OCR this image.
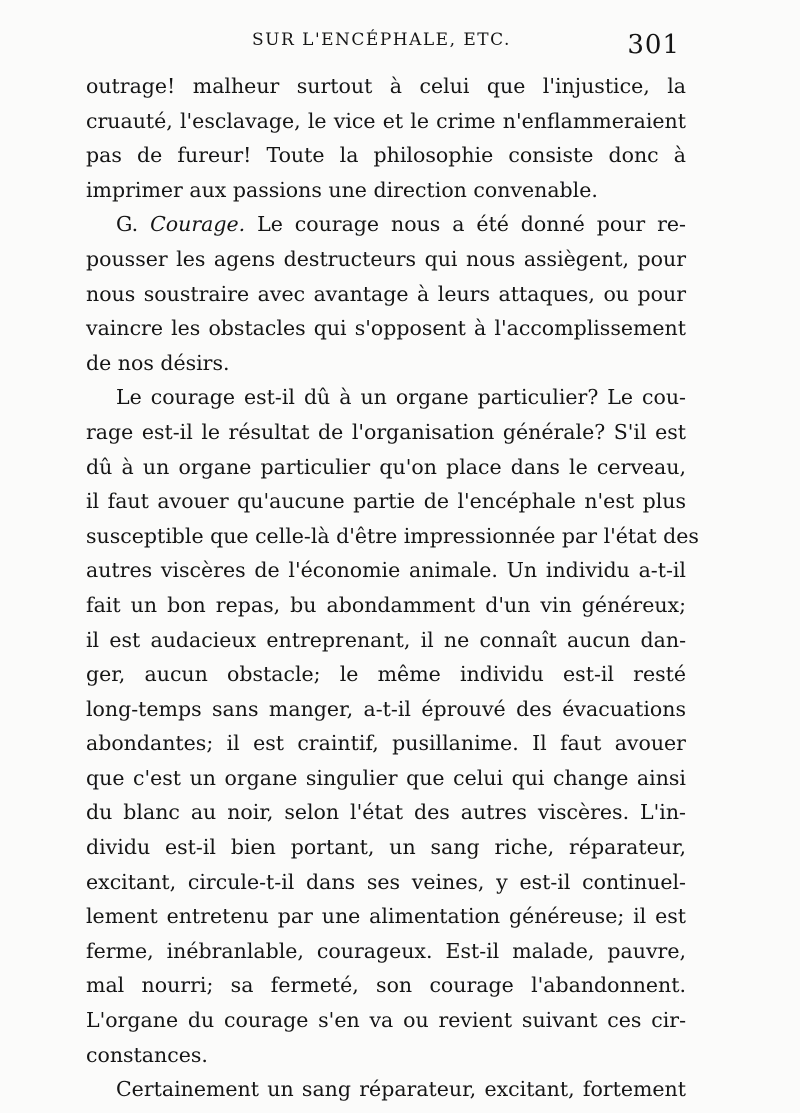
SUR L'ENCÉPHALE, ETC.	301
outrage! malheur surtout à celui que l'injustice, la
cruauté, l'esclavage, le vice et le crime n'enflammeraient
pas de fureur! Toute la philosophie consiste donc à
imprimer aux passions une direction convenable.
G. Courage. Le courage nous a été donné pour re-
pousser les agens destructeurs qui nous assiègent, pour
nous soustraire avec avantage à leurs attaques, ou pour
vaincre les obstacles qui s'opposent à l'accomplissement
de nos désirs.
Le courage est-il dû à un organe particulier? Le cou-
rage est-il le résultat de l'organisation générale? S'il est
dû à un organe particulier qu'on place dans le cerveau,
il faut avouer qu'aucune partie de l'encéphale n'est plus
susceptible que celle-là d'être impressionnée par l'état des
autres viscères de l'économie animale. Un individu a-t-il
fait un bon repas, bu abondamment d'un vin généreux;
il est audacieux entreprenant, il ne connaît aucun dan-
ger, aucun obstacle; le même individu est-il resté
long-temps sans manger, a-t-il éprouvé des évacuations
abondantes; il est craintif, pusillanime. Il faut avouer
que c'est un organe singulier que celui qui change ainsi
du blanc au noir, selon l'état des autres viscères. L'in-
dividu est-il bien portant, un sang riche, réparateur,
excitant, circule-t-il dans ses veines, y est-il continuel-
lement entretenu par une alimentation généreuse; il est
ferme, inébranlable, courageux. Est-il malade, pauvre,
mal nourri; sa fermeté, son courage l'abandonnent.
L'organe du courage s'en va ou revient suivant ces cir-
constances.
Certainement un sang réparateur, excitant, fortement
